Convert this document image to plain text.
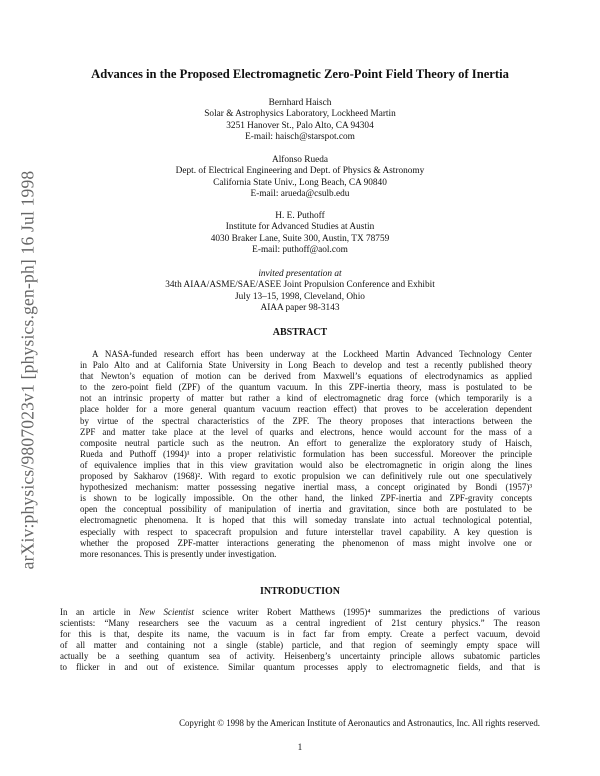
arXiv:physics/9807023v1 [physics.gen-ph] 16 Jul 1998
Advances in the Proposed Electromagnetic Zero-Point Field Theory of Inertia
Bernhard Haisch
Solar & Astrophysics Laboratory, Lockheed Martin
3251 Hanover St., Palo Alto, CA 94304
E-mail: haisch@starspot.com
Alfonso Rueda
Dept. of Electrical Engineering and Dept. of Physics & Astronomy
California State Univ., Long Beach, CA 90840
E-mail: arueda@csulb.edu
H. E. Puthoff
Institute for Advanced Studies at Austin
4030 Braker Lane, Suite 300, Austin, TX 78759
E-mail: puthoff@aol.com
invited presentation at
34th AIAA/ASME/SAE/ASEE Joint Propulsion Conference and Exhibit
July 13–15, 1998, Cleveland, Ohio
AIAA paper 98-3143
ABSTRACT
A NASA-funded research effort has been underway at the Lockheed Martin Advanced Technology Center
in Palo Alto and at California State University in Long Beach to develop and test a recently published theory
that Newton’s equation of motion can be derived from Maxwell’s equations of electrodynamics as applied
to the zero-point field (ZPF) of the quantum vacuum. In this ZPF-inertia theory, mass is postulated to be
not an intrinsic property of matter but rather a kind of electromagnetic drag force (which temporarily is a
place holder for a more general quantum vacuum reaction effect) that proves to be acceleration dependent
by virtue of the spectral characteristics of the ZPF. The theory proposes that interactions between the
ZPF and matter take place at the level of quarks and electrons, hence would account for the mass of a
composite neutral particle such as the neutron. An effort to generalize the exploratory study of Haisch,
Rueda and Puthoff (1994)¹ into a proper relativistic formulation has been successful. Moreover the principle
of equivalence implies that in this view gravitation would also be electromagnetic in origin along the lines
proposed by Sakharov (1968)². With regard to exotic propulsion we can definitively rule out one speculatively
hypothesized mechanism: matter possessing negative inertial mass, a concept originated by Bondi (1957)³
is shown to be logically impossible. On the other hand, the linked ZPF-inertia and ZPF-gravity concepts
open the conceptual possibility of manipulation of inertia and gravitation, since both are postulated to be
electromagnetic phenomena. It is hoped that this will someday translate into actual technological potential,
especially with respect to spacecraft propulsion and future interstellar travel capability. A key question is
whether the proposed ZPF-matter interactions generating the phenomenon of mass might involve one or
more resonances. This is presently under investigation.
INTRODUCTION
In an article in New Scientist science writer Robert Matthews (1995)⁴ summarizes the predictions of various
scientists: “Many researchers see the vacuum as a central ingredient of 21st century physics.” The reason
for this is that, despite its name, the vacuum is in fact far from empty. Create a perfect vacuum, devoid
of all matter and containing not a single (stable) particle, and that region of seemingly empty space will
actually be a seething quantum sea of activity. Heisenberg’s uncertainty principle allows subatomic particles
to flicker in and out of existence. Similar quantum processes apply to electromagnetic fields, and that is
Copyright © 1998 by the American Institute of Aeronautics and Astronautics, Inc. All rights reserved.
1
